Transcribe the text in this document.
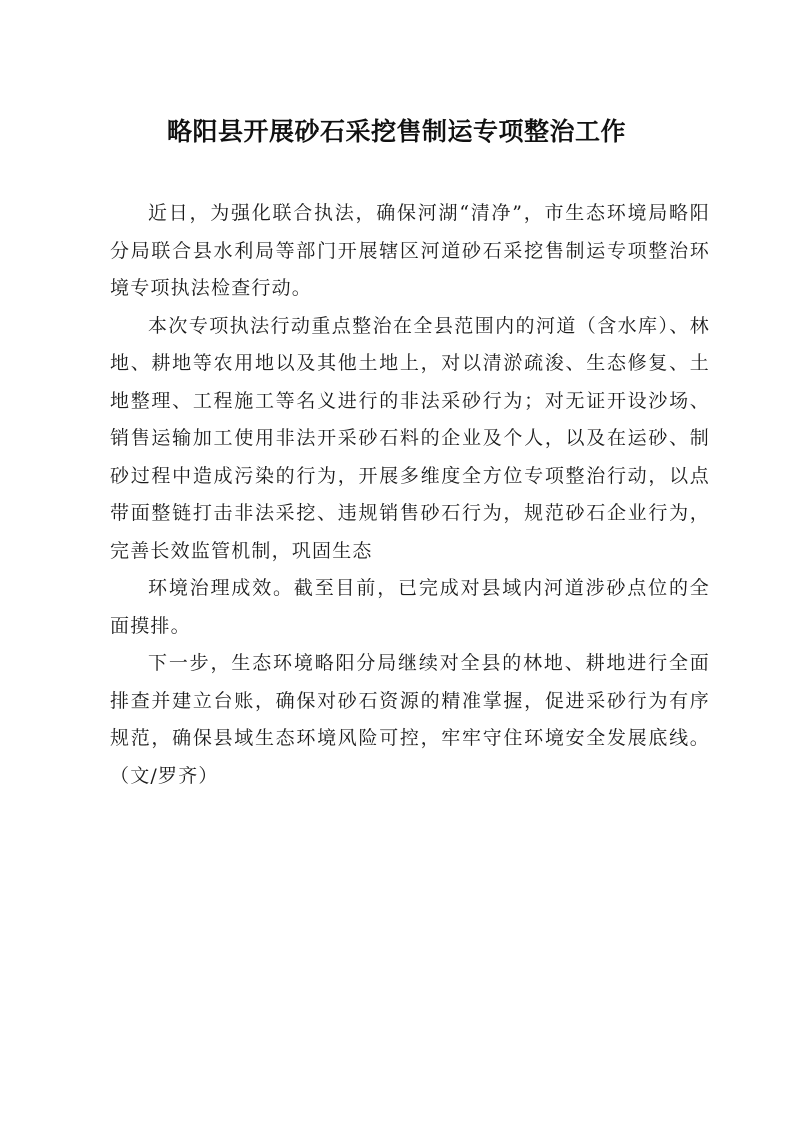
略阳县开展砂石采挖售制运专项整治工作

近日，为强化联合执法，确保河湖“清净”，市生态环境局略阳分局联合县水利局等部门开展辖区河道砂石采挖售制运专项整治环境专项执法检查行动。

本次专项执法行动重点整治在全县范围内的河道（含水库）、林地、耕地等农用地以及其他土地上，对以清淤疏浚、生态修复、土地整理、工程施工等名义进行的非法采砂行为；对无证开设沙场、销售运输加工使用非法开采砂石料的企业及个人，以及在运砂、制砂过程中造成污染的行为，开展多维度全方位专项整治行动，以点带面整链打击非法采挖、违规销售砂石行为，规范砂石企业行为，完善长效监管机制，巩固生态

环境治理成效。截至目前，已完成对县域内河道涉砂点位的全面摸排。

下一步，生态环境略阳分局继续对全县的林地、耕地进行全面排查并建立台账，确保对砂石资源的精准掌握，促进采砂行为有序规范，确保县域生态环境风险可控，牢牢守住环境安全发展底线。（文/罗齐）
